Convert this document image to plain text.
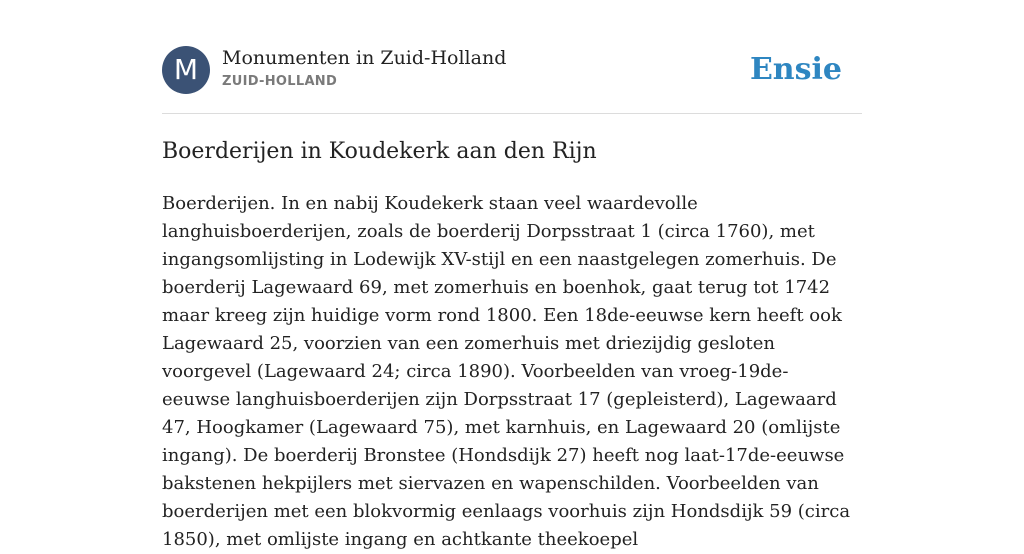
M	Monumenten in Zuid-Holland
ZUID-HOLLAND	Ensie
Boerderijen in Koudekerk aan den Rijn

Boerderijen. In en nabij Koudekerk staan veel waardevolle langhuisboerderijen, zoals de boerderij Dorpsstraat 1 (circa 1760), met ingangsomlijsting in Lodewijk XV-stijl en een naastgelegen zomerhuis. De boerderij Lagewaard 69, met zomerhuis en boenhok, gaat terug tot 1742 maar kreeg zijn huidige vorm rond 1800. Een 18de-eeuwse kern heeft ook Lagewaard 25, voorzien van een zomerhuis met driezijdig gesloten voorgevel (Lagewaard 24; circa 1890). Voorbeelden van vroeg-19de-eeuwse langhuisboerderijen zijn Dorpsstraat 17 (gepleisterd), Lagewaard 47, Hoogkamer (Lagewaard 75), met karnhuis, en Lagewaard 20 (omlijste ingang). De boerderij Bronstee (Hondsdijk 27) heeft nog laat-17de-eeuwse bakstenen hekpijlers met siervazen en wapenschilden. Voorbeelden van boerderijen met een blokvormig eenlaags voorhuis zijn Hondsdijk 59 (circa 1850), met omlijste ingang en achtkante theekoepel
